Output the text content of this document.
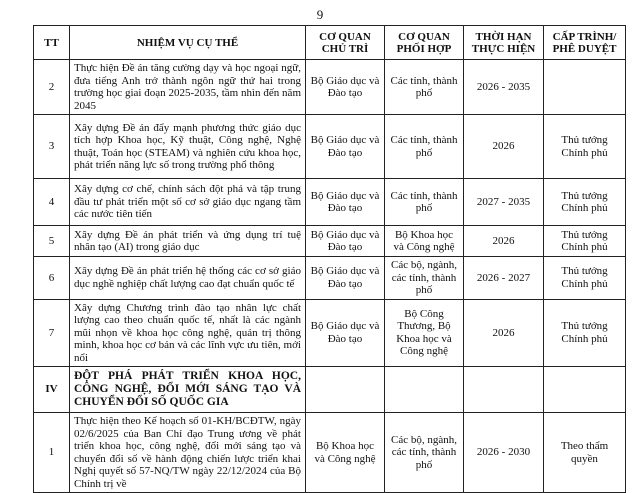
9
TT	NHIỆM VỤ CỤ THỂ	CƠ QUAN CHỦ TRÌ	CƠ QUAN PHỐI HỢP	THỜI HẠN THỰC HIỆN	CẤP TRÌNH/ PHÊ DUYỆT
2	Thực hiện Đề án tăng cường dạy và học ngoại ngữ, đưa tiếng Anh trở thành ngôn ngữ thứ hai trong trường học giai đoạn 2025-2035, tầm nhìn đến năm 2045	Bộ Giáo dục và Đào tạo	Các tỉnh, thành phố	2026 - 2035	
3	Xây dựng Đề án đẩy mạnh phương thức giáo dục tích hợp Khoa học, Kỹ thuật, Công nghệ, Nghệ thuật, Toán học (STEAM) và nghiên cứu khoa học, phát triển năng lực số trong trường phổ thông	Bộ Giáo dục và Đào tạo	Các tỉnh, thành phố	2026	Thủ tướng Chính phủ
4	Xây dựng cơ chế, chính sách đột phá và tập trung đầu tư phát triển một số cơ sở giáo dục ngang tầm các nước tiên tiến	Bộ Giáo dục và Đào tạo	Các tỉnh, thành phố	2027 - 2035	Thủ tướng Chính phủ
5	Xây dựng Đề án phát triển và ứng dụng trí tuệ nhân tạo (AI) trong giáo dục	Bộ Giáo dục và Đào tạo	Bộ Khoa học và Công nghệ	2026	Thủ tướng Chính phủ
6	Xây dựng Đề án phát triển hệ thống các cơ sở giáo dục nghề nghiệp chất lượng cao đạt chuẩn quốc tế	Bộ Giáo dục và Đào tạo	Các bộ, ngành, các tỉnh, thành phố	2026 - 2027	Thủ tướng Chính phủ
7	Xây dựng Chương trình đào tạo nhân lực chất lượng cao theo chuẩn quốc tế, nhất là các ngành mũi nhọn về khoa học công nghệ, quản trị thông minh, khoa học cơ bản và các lĩnh vực ưu tiên, mới nổi	Bộ Giáo dục và Đào tạo	Bộ Công Thương, Bộ Khoa học và Công nghệ	2026	Thủ tướng Chính phủ
IV	ĐỘT PHÁ PHÁT TRIỂN KHOA HỌC, CÔNG NGHỆ, ĐỔI MỚI SÁNG TẠO VÀ CHUYỂN ĐỔI SỐ QUỐC GIA				
1	Thực hiện theo Kế hoạch số 01-KH/BCĐTW, ngày 02/6/2025 của Ban Chỉ đạo Trung ương về phát triển khoa học, công nghệ, đổi mới sáng tạo và chuyển đổi số về hành động chiến lược triển khai Nghị quyết số 57-NQ/TW ngày 22/12/2024 của Bộ Chính trị về	Bộ Khoa học và Công nghệ	Các bộ, ngành, các tỉnh, thành phố	2026 - 2030	Theo thẩm quyền
